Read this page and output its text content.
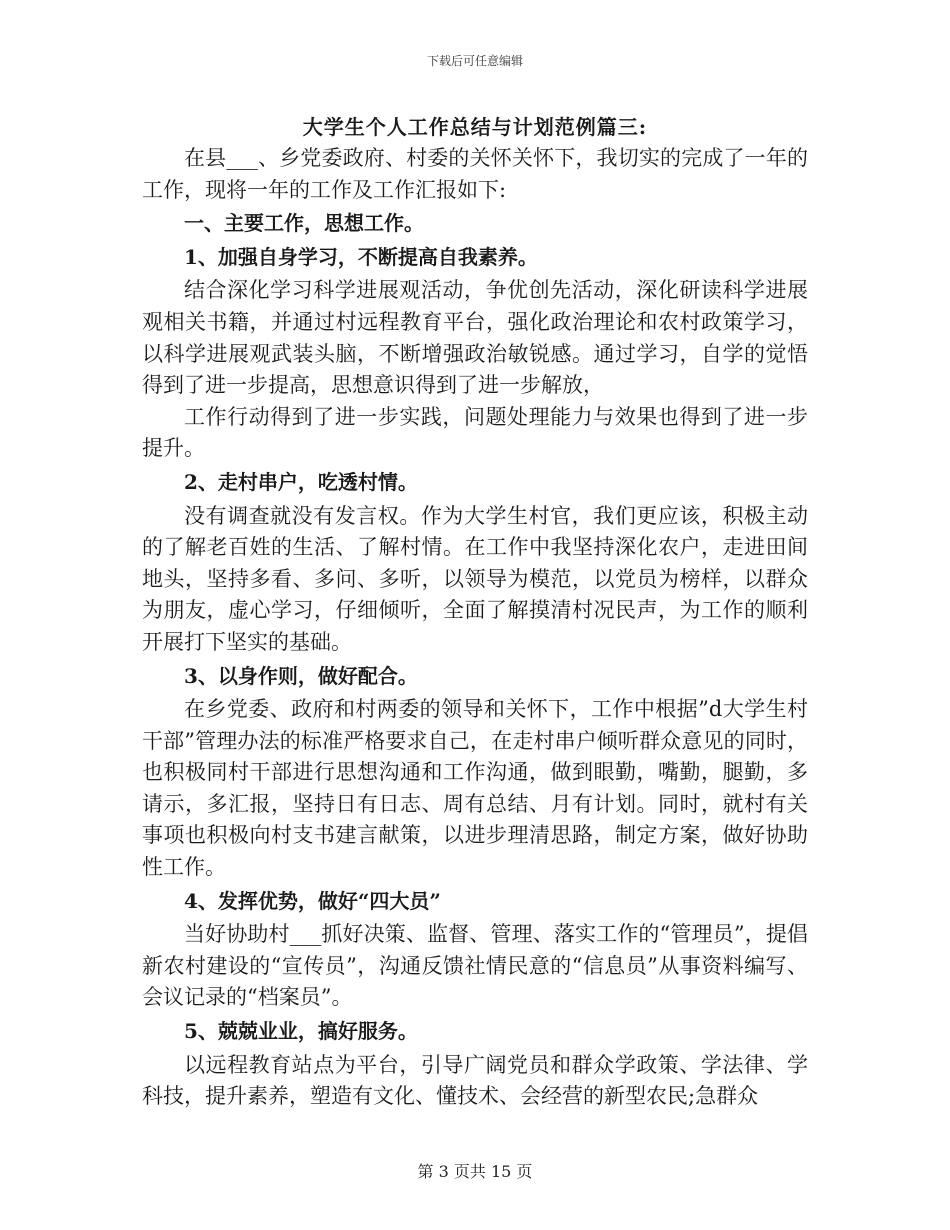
下载后可任意编辑
大学生个人工作总结与计划范例篇三:

在县___、乡党委政府、村委的关怀关怀下，我切实的完成了一年的工作，现将一年的工作及工作汇报如下:

一、主要工作，思想工作。

1、加强自身学习，不断提高自我素养。

结合深化学习科学进展观活动，争优创先活动，深化研读科学进展观相关书籍，并通过村远程教育平台，强化政治理论和农村政策学习，以科学进展观武装头脑，不断增强政治敏锐感。通过学习，自学的觉悟得到了进一步提高，思想意识得到了进一步解放，

工作行动得到了进一步实践，问题处理能力与效果也得到了进一步提升。

2、走村串户，吃透村情。

没有调查就没有发言权。作为大学生村官，我们更应该，积极主动的了解老百姓的生活、了解村情。在工作中我坚持深化农户，走进田间地头，坚持多看、多问、多听，以领导为模范，以党员为榜样，以群众为朋友，虚心学习，仔细倾听，全面了解摸清村况民声，为工作的顺利开展打下坚实的基础。

3、以身作则，做好配合。

在乡党委、政府和村两委的领导和关怀下，工作中根据”d大学生村干部”管理办法的标准严格要求自己，在走村串户倾听群众意见的同时，也积极同村干部进行思想沟通和工作沟通，做到眼勤，嘴勤，腿勤，多请示，多汇报，坚持日有日志、周有总结、月有计划。同时，就村有关事项也积极向村支书建言献策，以进步理清思路，制定方案，做好协助性工作。

4、发挥优势，做好“四大员”

当好协助村___抓好决策、监督、管理、落实工作的“管理员”，提倡新农村建设的“宣传员”，沟通反馈社情民意的“信息员”从事资料编写、会议记录的“档案员”。

5、兢兢业业，搞好服务。

以远程教育站点为平台，引导广阔党员和群众学政策、学法律、学科技，提升素养，塑造有文化、懂技术、会经营的新型农民;急群众

第 3 页共 15 页
